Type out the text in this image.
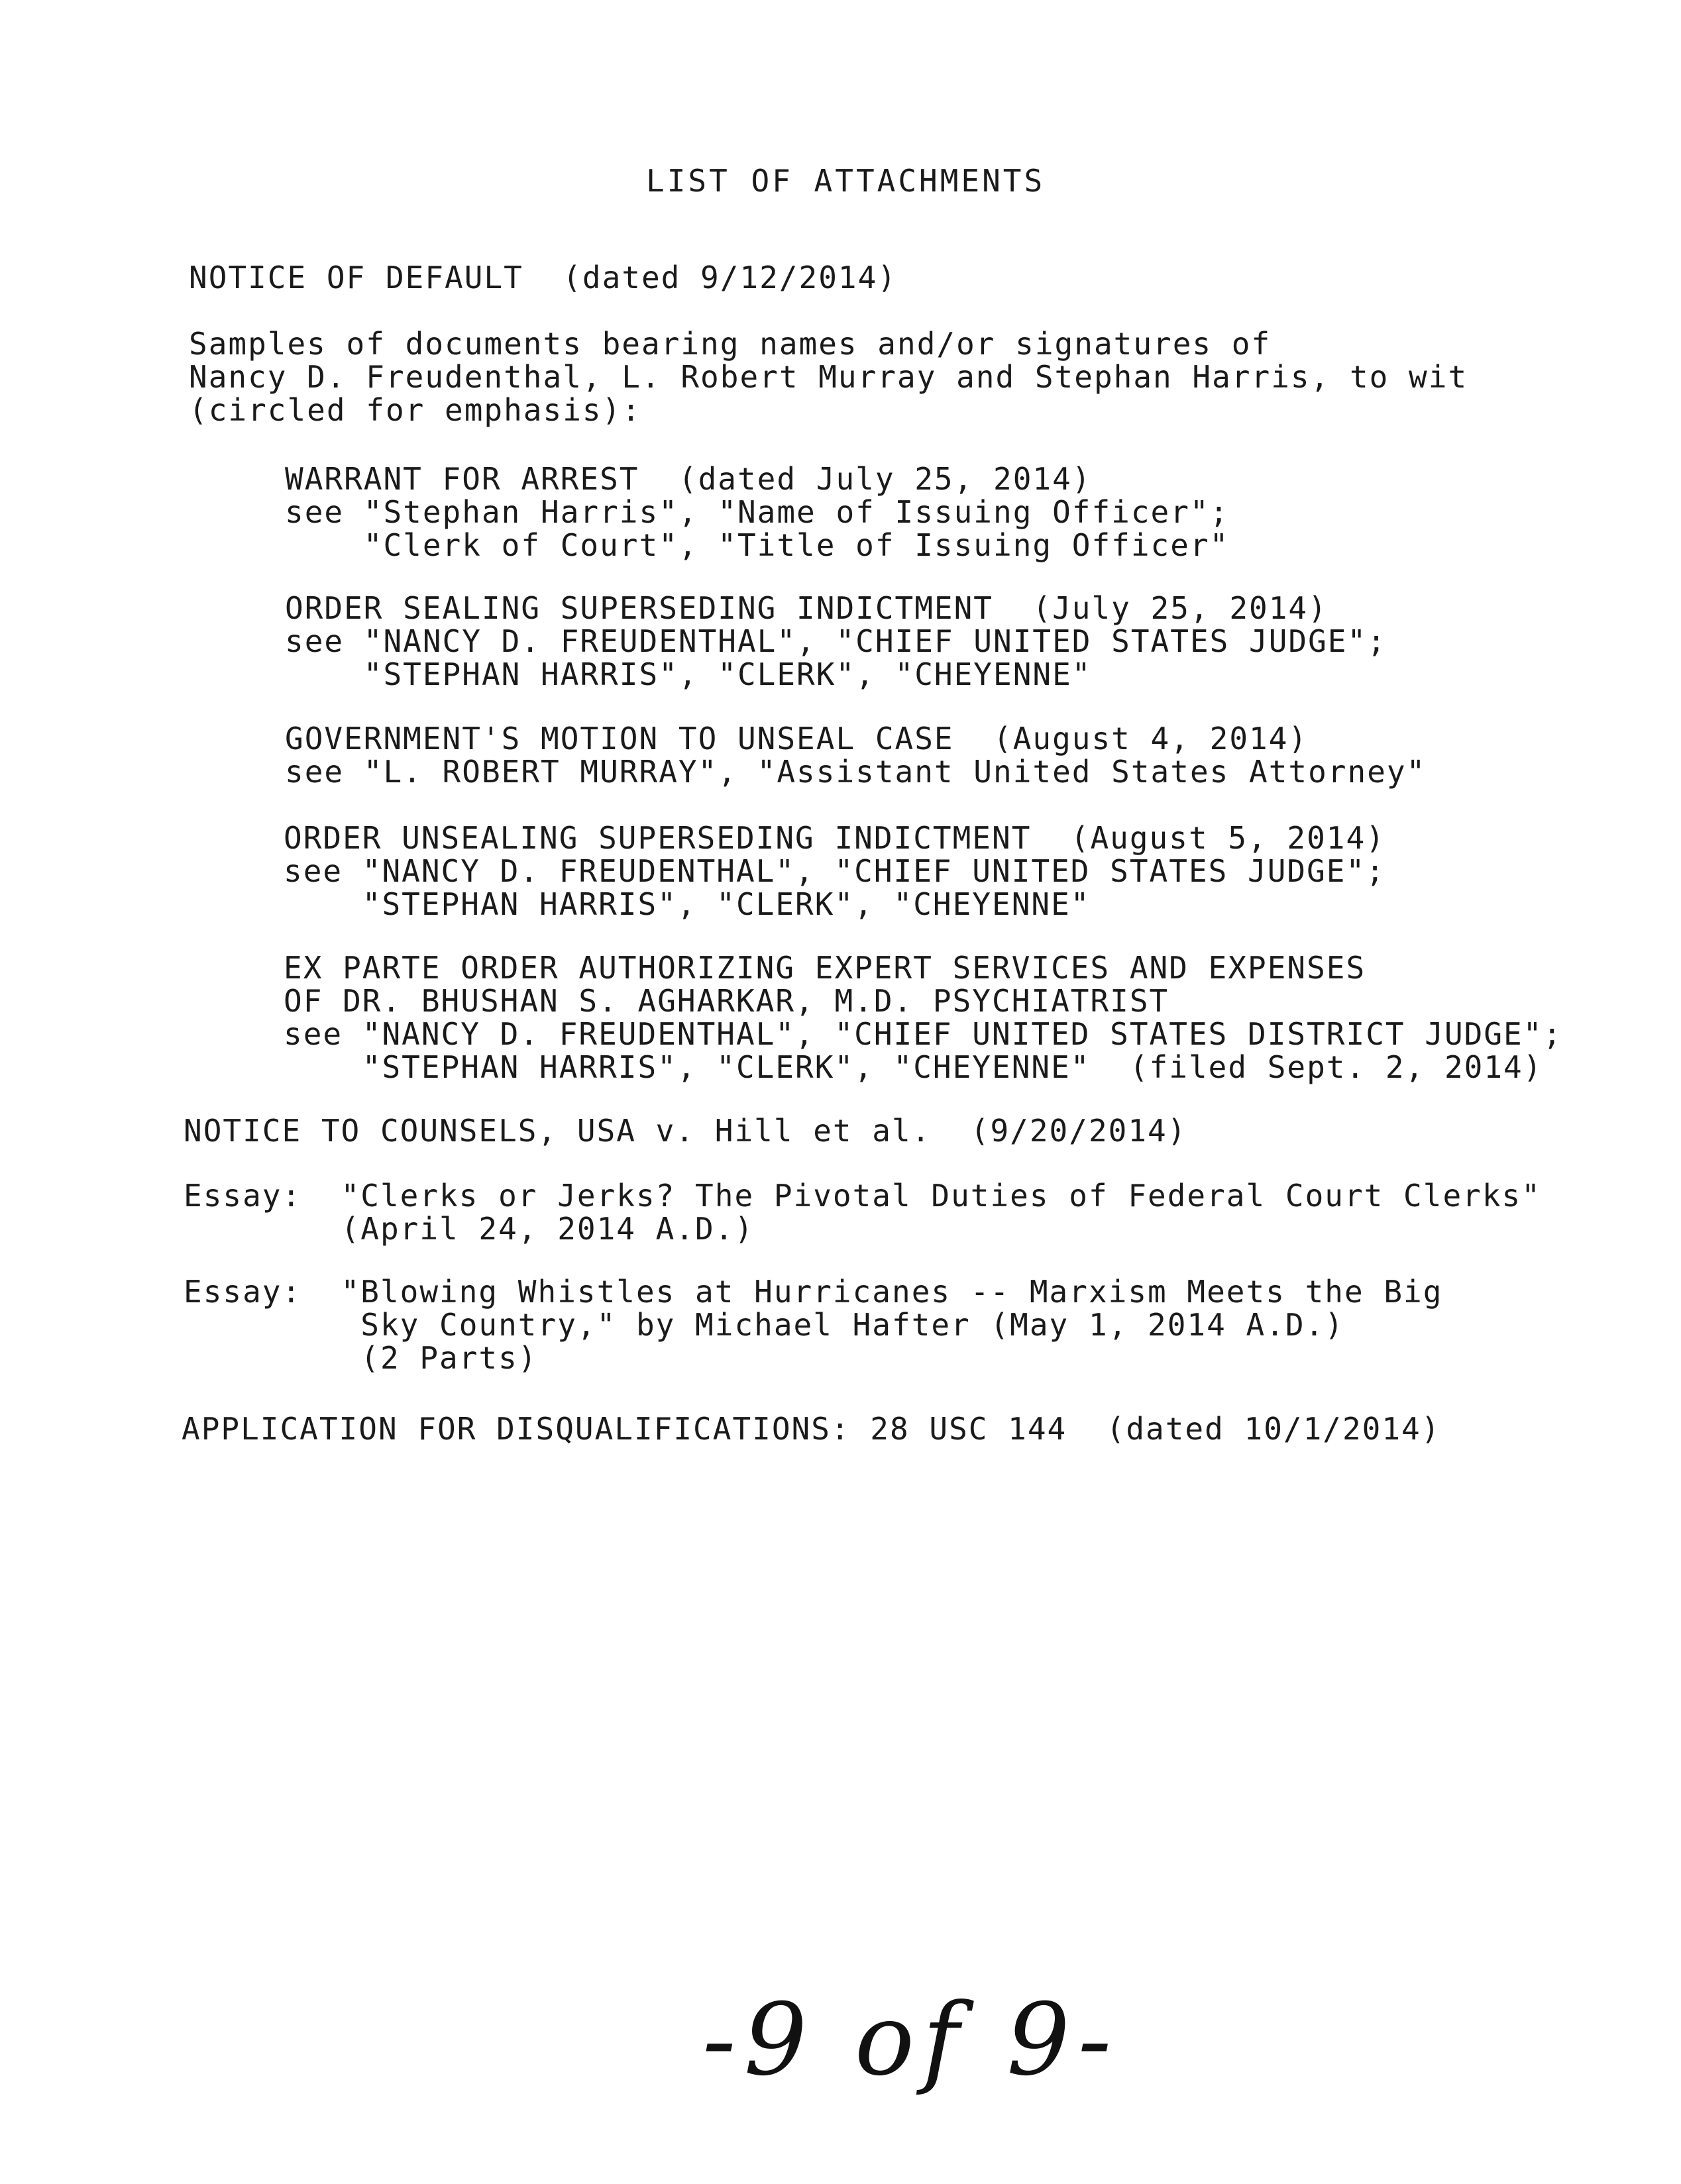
LIST OF ATTACHMENTS
NOTICE OF DEFAULT  (dated 9/12/2014)
Samples of documents bearing names and/or signatures of
Nancy D. Freudenthal, L. Robert Murray and Stephan Harris, to wit
(circled for emphasis):
WARRANT FOR ARREST  (dated July 25, 2014)
see "Stephan Harris", "Name of Issuing Officer";
"Clerk of Court", "Title of Issuing Officer"
ORDER SEALING SUPERSEDING INDICTMENT  (July 25, 2014)
see "NANCY D. FREUDENTHAL", "CHIEF UNITED STATES JUDGE";
"STEPHAN HARRIS", "CLERK", "CHEYENNE"
GOVERNMENT'S MOTION TO UNSEAL CASE  (August 4, 2014)
see "L. ROBERT MURRAY", "Assistant United States Attorney"
ORDER UNSEALING SUPERSEDING INDICTMENT  (August 5, 2014)
see "NANCY D. FREUDENTHAL", "CHIEF UNITED STATES JUDGE";
"STEPHAN HARRIS", "CLERK", "CHEYENNE"
EX PARTE ORDER AUTHORIZING EXPERT SERVICES AND EXPENSES
OF DR. BHUSHAN S. AGHARKAR, M.D. PSYCHIATRIST
see "NANCY D. FREUDENTHAL", "CHIEF UNITED STATES DISTRICT JUDGE";
"STEPHAN HARRIS", "CLERK", "CHEYENNE"  (filed Sept. 2, 2014)
NOTICE TO COUNSELS, USA v. Hill et al.  (9/20/2014)
Essay:  "Clerks or Jerks? The Pivotal Duties of Federal Court Clerks"
(April 24, 2014 A.D.)
Essay:  "Blowing Whistles at Hurricanes -- Marxism Meets the Big
Sky Country," by Michael Hafter (May 1, 2014 A.D.)
(2 Parts)
APPLICATION FOR DISQUALIFICATIONS: 28 USC 144  (dated 10/1/2014)
-9 of 9-
